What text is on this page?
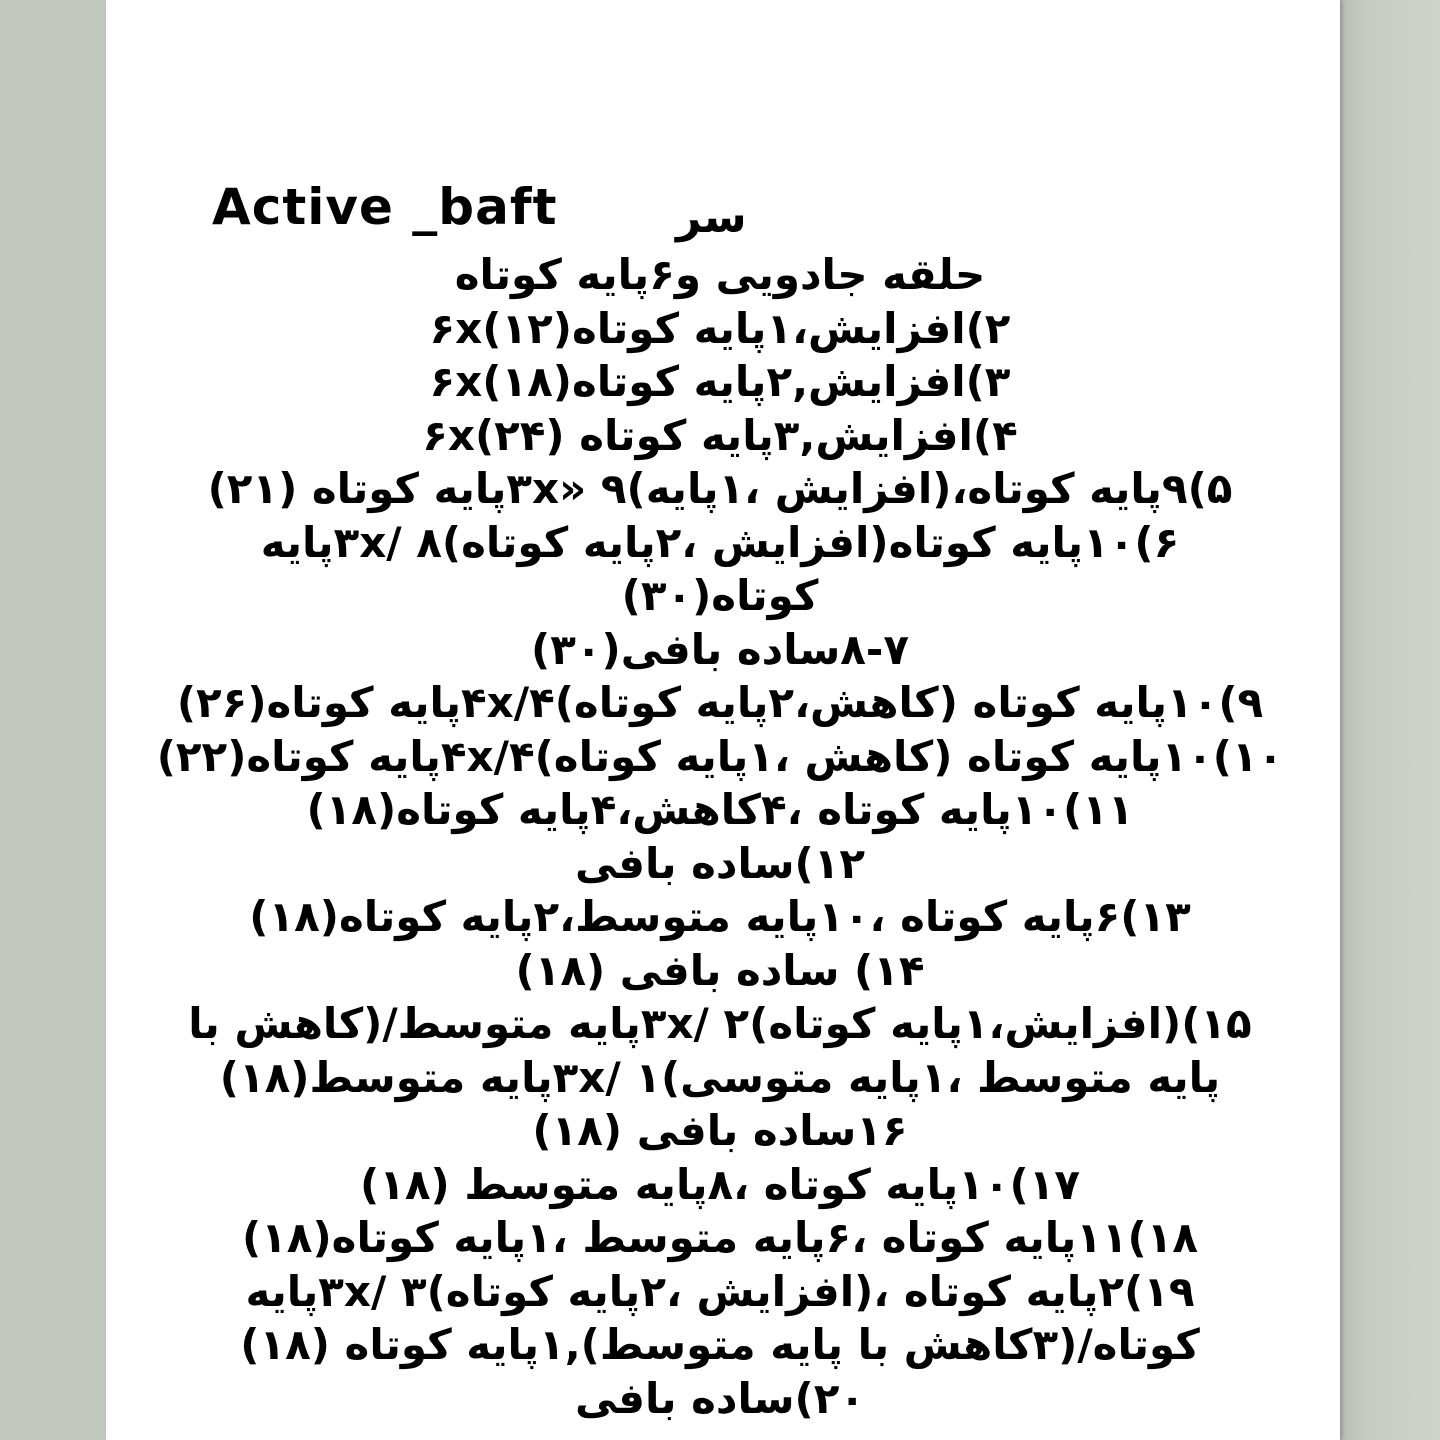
Active _baft	سر
حلقه جادویی و۶پایه کوتاه
۲)افزایش،۱پایه کوتاه۶x(۱۲)
۳)افزایش,۲پایه کوتاه۶x(۱۸)
۴)افزایش,۳پایه کوتاه ۶x(۲۴)
۵)۹پایه کوتاه،(افزایش ،۱پایه)۳x» ۹پایه کوتاه (۲۱)
۶)۱۰پایه کوتاه(افزایش ،۲پایه کوتاه)۳x/ ۸پایه
کوتاه(۳۰)
۸-۷ساده بافی(۳۰)
۹)۱۰پایه کوتاه (کاهش،۲پایه کوتاه)۴x/۴پایه کوتاه(۲۶)
۱۰)۱۰پایه کوتاه (کاهش ،۱پایه کوتاه)۴x/۴پایه کوتاه(۲۲)
۱۱)۱۰پایه کوتاه ،۴کاهش،۴پایه کوتاه(۱۸)
۱۲)ساده بافی
۱۳)۶پایه کوتاه ،۱۰پایه متوسط،۲پایه کوتاه(۱۸)
۱۴) ساده بافی (۱۸)
۱۵)(افزایش،۱پایه کوتاه)۳x/ ۲پایه متوسط/(کاهش با
پایه متوسط ،۱پایه متوسی)۳x/ ۱پایه متوسط(۱۸)
۱۶ساده بافی (۱۸)
۱۷)۱۰پایه کوتاه ،۸پایه متوسط (۱۸)
۱۸)۱۱پایه کوتاه ،۶پایه متوسط ،۱پایه کوتاه(۱۸)
۱۹)۲پایه کوتاه ،(افزایش ،۲پایه کوتاه)۳x/ ۳پایه
کوتاه/(۳کاهش با پایه متوسط),۱پایه کوتاه (۱۸)
۲۰)ساده بافی
